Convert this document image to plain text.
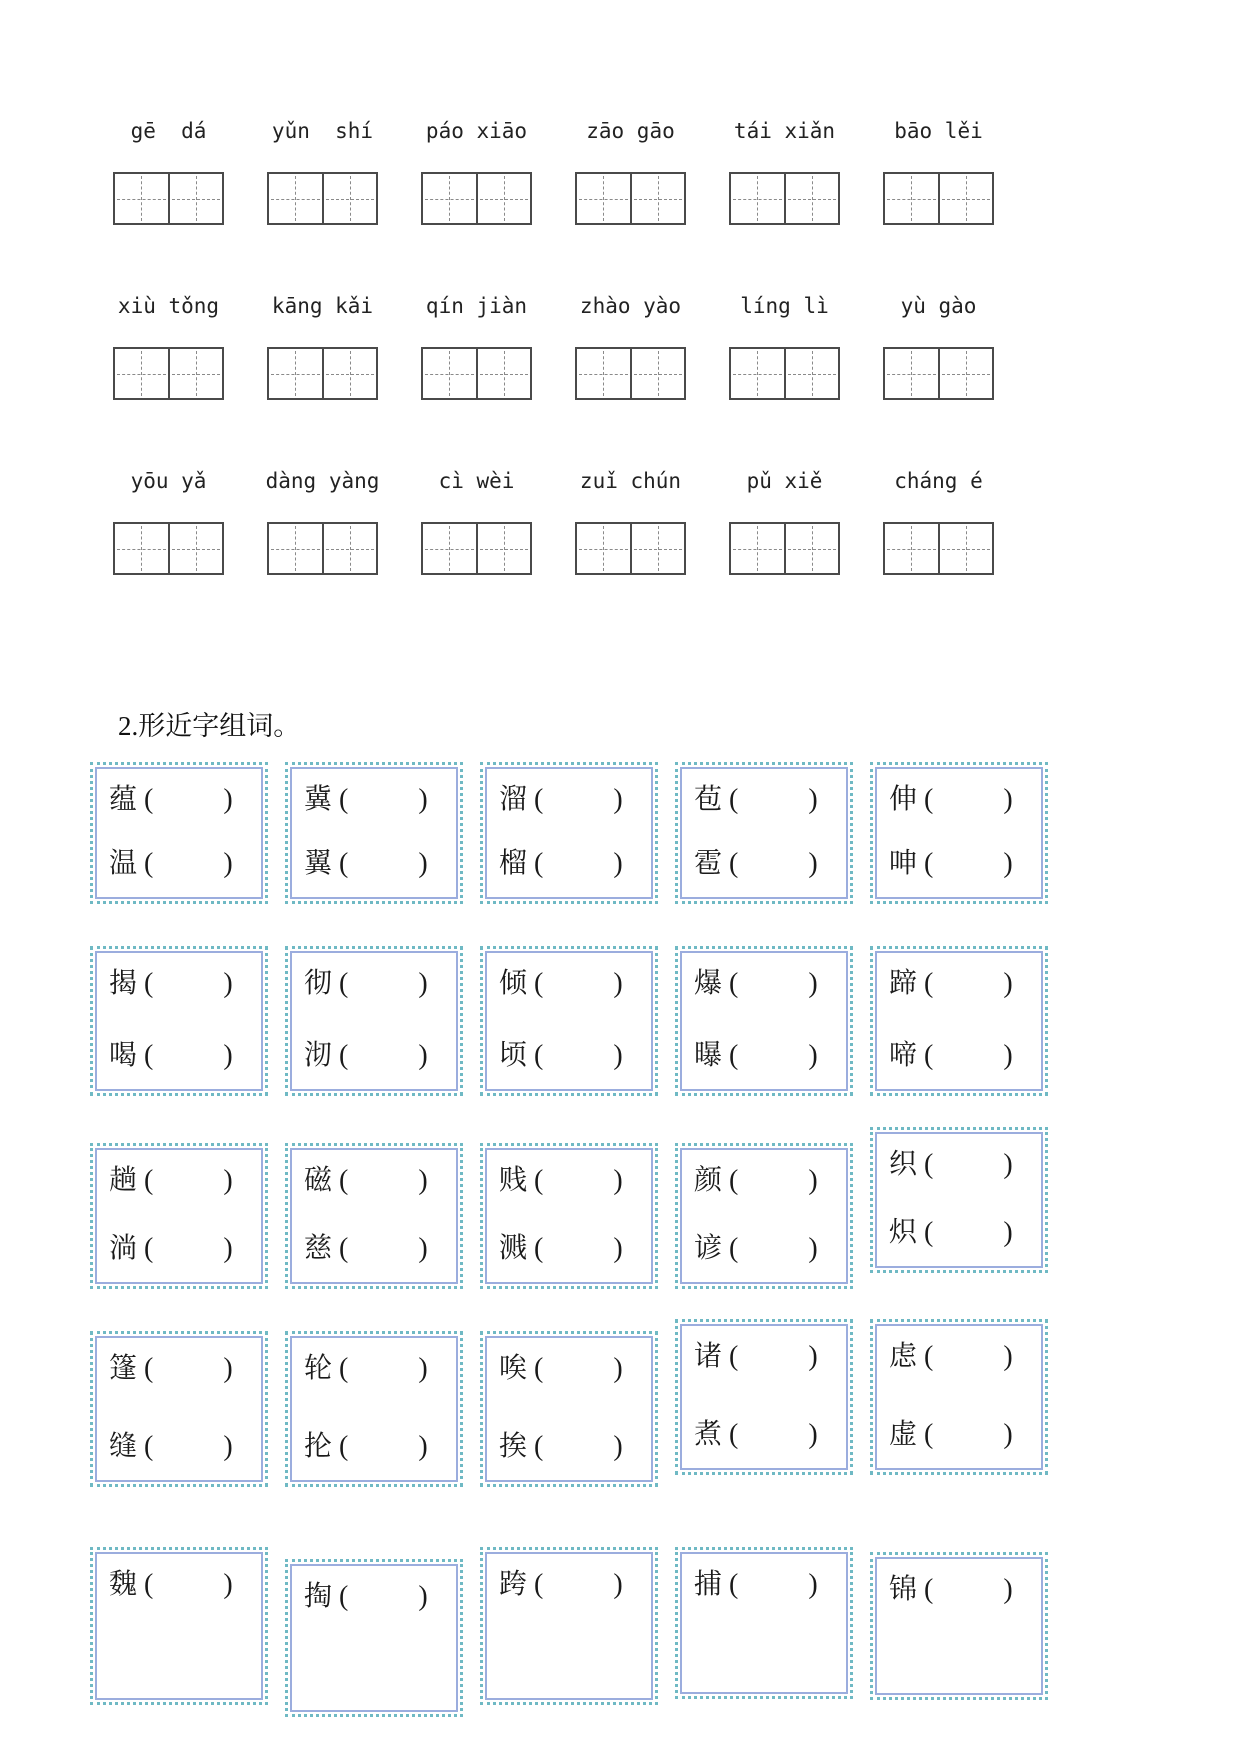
gē  dá	yǔn  shí	páo xiāo	zāo gāo	tái xiǎn	bāo lěi
xiù tǒng	kāng kǎi	qín jiàn	zhào yào	líng lì	yù gào
yōu yǎ	dàng yàng	cì wèi	zuǐ chún	pǔ xiě	cháng é
2.形近字组词。
蕴 (          )
温 (          )
冀 (          )
翼 (          )
溜 (          )
榴 (          )
苞 (          )
雹 (          )
伸 (          )
呻 (          )
揭 (          )
喝 (          )
彻 (          )
沏 (          )
倾 (          )
顷 (          )
爆 (          )
曝 (          )
蹄 (          )
啼 (          )
趟 (          )
淌 (          )
磁 (          )
慈 (          )
贱 (          )
溅 (          )
颜 (          )
谚 (          )
织 (          )
炽 (          )
篷 (          )
缝 (          )
轮 (          )
抡 (          )
唉 (          )
挨 (          )
诸 (          )
煮 (          )
虑 (          )
虚 (          )
魏 (          )	掏 (          )	跨 (          )	捕 (          )	锦 (          )
